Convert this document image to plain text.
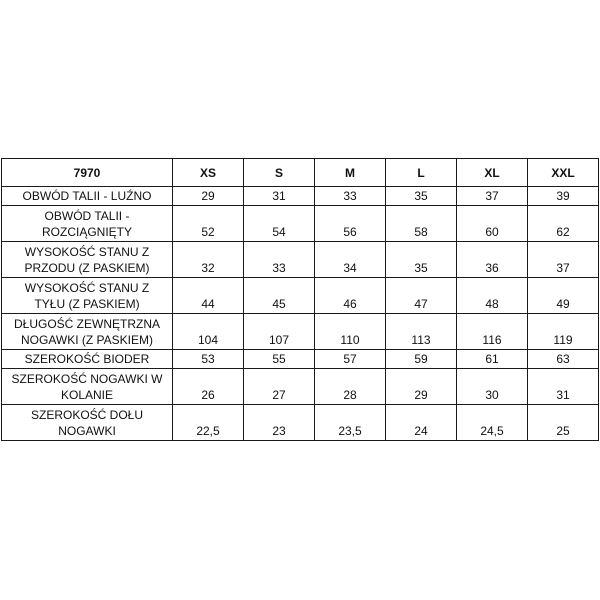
7970	XS	S	M	L	XL	XXL
OBWÓD TALII - LUŹNO	29	31	33	35	37	39
OBWÓD TALII -
ROZCIĄGNIĘTY	52	54	56	58	60	62
WYSOKOŚĆ STANU Z
PRZODU (Z PASKIEM)	32	33	34	35	36	37
WYSOKOŚĆ STANU Z
TYŁU (Z PASKIEM)	44	45	46	47	48	49
DŁUGOŚĆ ZEWNĘTRZNA
NOGAWKI (Z PASKIEM)	104	107	110	113	116	119
SZEROKOŚĆ BIODER	53	55	57	59	61	63
SZEROKOŚĆ NOGAWKI W
KOLANIE	26	27	28	29	30	31
SZEROKOŚĆ DOŁU
NOGAWKI	22,5	23	23,5	24	24,5	25
